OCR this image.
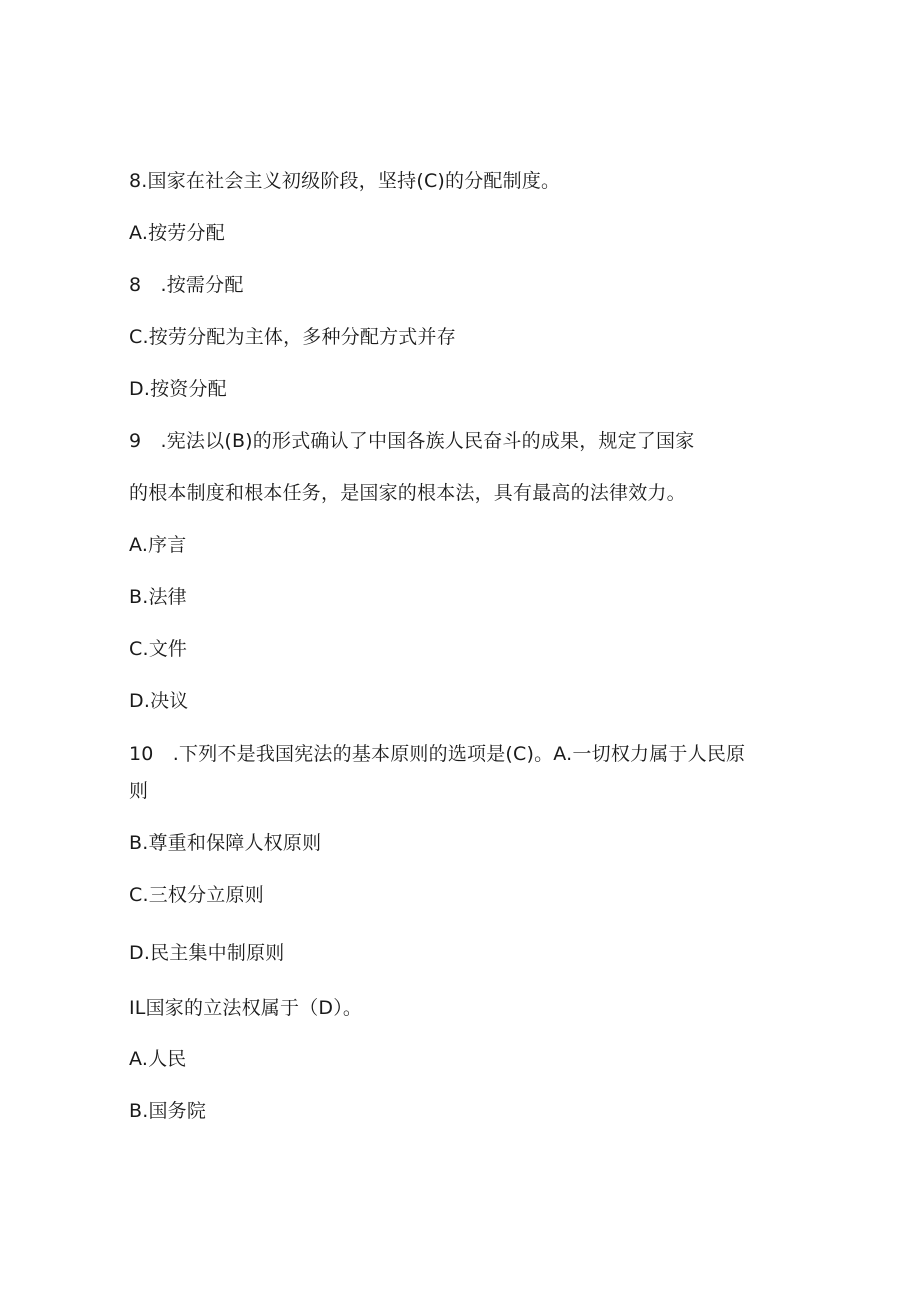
8.国家在社会主义初级阶段，坚持(C)的分配制度。
A.按劳分配
8　.按需分配
C.按劳分配为主体，多种分配方式并存
D.按资分配
9　.宪法以(B)的形式确认了中国各族人民奋斗的成果，规定了国家
的根本制度和根本任务，是国家的根本法，具有最高的法律效力。
A.序言
B.法律
C.文件
D.决议
10　.下列不是我国宪法的基本原则的选项是(C)。A.一切权力属于人民原
则
B.尊重和保障人权原则
C.三权分立原则
D.民主集中制原则
IL国家的立法权属于（D）。
A.人民
B.国务院
